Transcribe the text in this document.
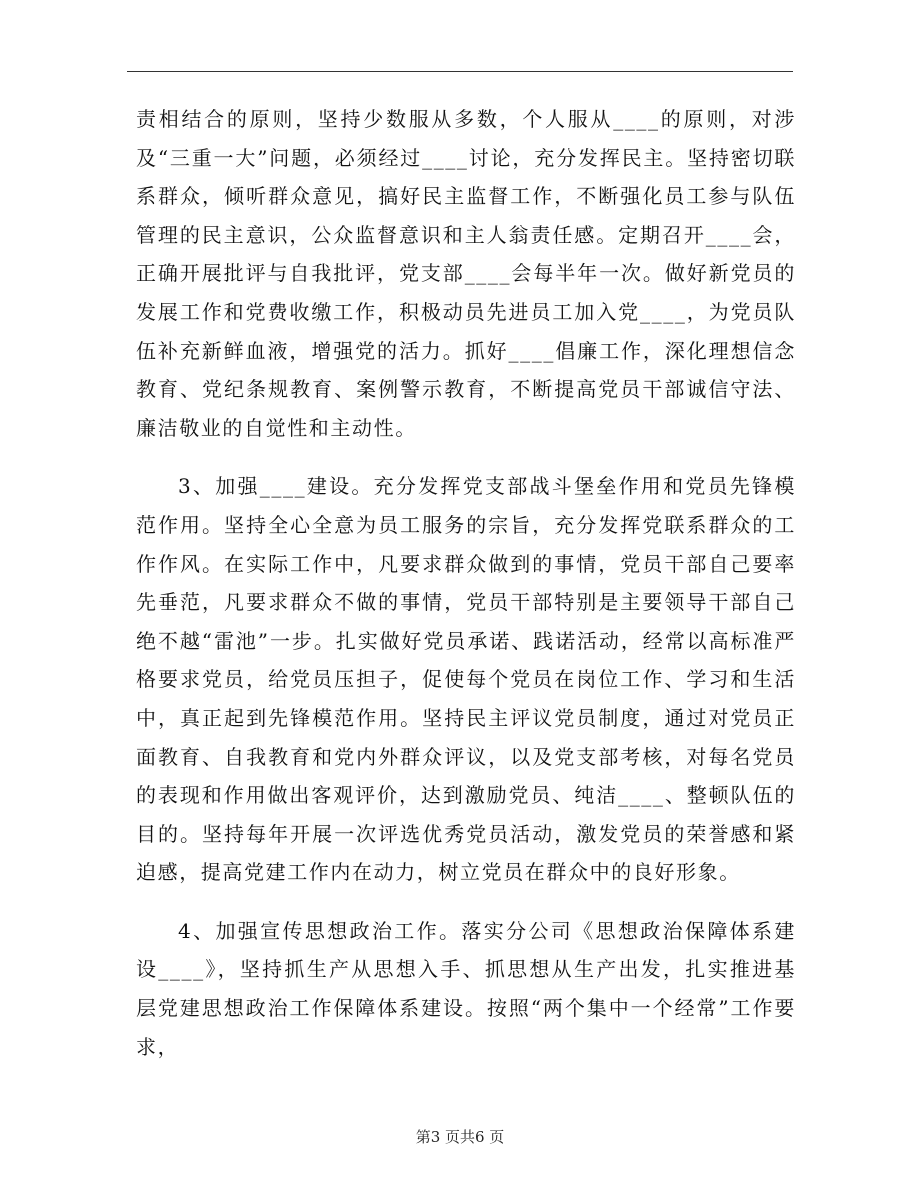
责相结合的原则，坚持少数服从多数，个人服从____的原则，对涉及“三重一大”问题，必须经过____讨论，充分发挥民主。坚持密切联系群众，倾听群众意见，搞好民主监督工作，不断强化员工参与队伍管理的民主意识，公众监督意识和主人翁责任感。定期召开____会，正确开展批评与自我批评，党支部____会每半年一次。做好新党员的发展工作和党费收缴工作，积极动员先进员工加入党____，为党员队伍补充新鲜血液，增强党的活力。抓好____倡廉工作，深化理想信念教育、党纪条规教育、案例警示教育，不断提高党员干部诚信守法、廉洁敬业的自觉性和主动性。

3、加强____建设。充分发挥党支部战斗堡垒作用和党员先锋模范作用。坚持全心全意为员工服务的宗旨，充分发挥党联系群众的工作作风。在实际工作中，凡要求群众做到的事情，党员干部自己要率先垂范，凡要求群众不做的事情，党员干部特别是主要领导干部自己绝不越“雷池”一步。扎实做好党员承诺、践诺活动，经常以高标准严格要求党员，给党员压担子，促使每个党员在岗位工作、学习和生活中，真正起到先锋模范作用。坚持民主评议党员制度，通过对党员正面教育、自我教育和党内外群众评议，以及党支部考核，对每名党员的表现和作用做出客观评价，达到激励党员、纯洁____、整顿队伍的目的。坚持每年开展一次评选优秀党员活动，激发党员的荣誉感和紧迫感，提高党建工作内在动力，树立党员在群众中的良好形象。

4、加强宣传思想政治工作。落实分公司《思想政治保障体系建设____》，坚持抓生产从思想入手、抓思想从生产出发，扎实推进基层党建思想政治工作保障体系建设。按照“两个集中一个经常”工作要求，

第3 页共6 页
